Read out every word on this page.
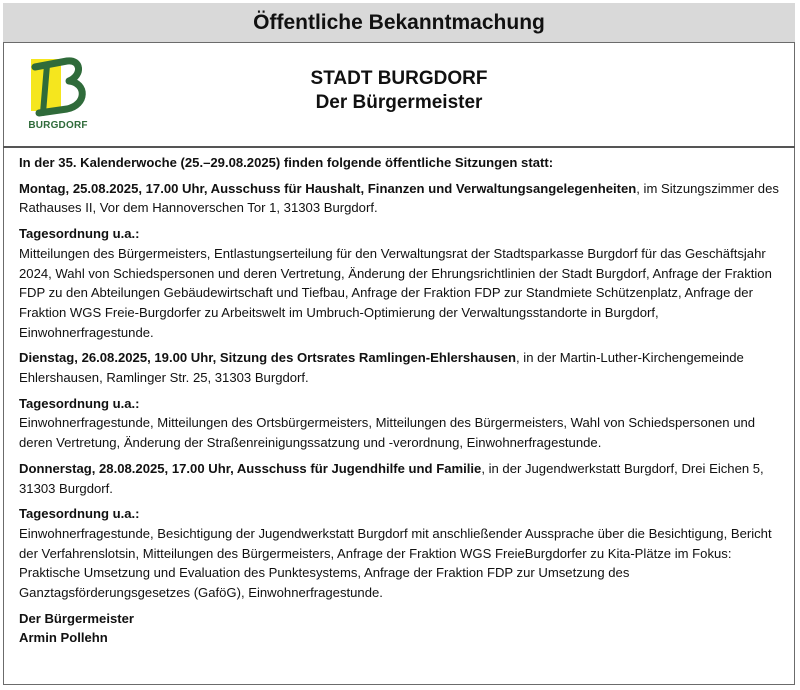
Öffentliche Bekanntmachung
BURGDORF
STADT BURGDORF
Der Bürgermeister
In der 35. Kalenderwoche (25.–29.08.2025) finden folgende öffentliche Sitzungen statt:
Montag, 25.08.2025, 17.00 Uhr, Ausschuss für Haushalt, Finanzen und Verwaltungsangelegenheiten, im Sitzungszimmer des Rathauses II, Vor dem Hannoverschen Tor 1, 31303 Burgdorf.
Tagesordnung u.a.:
Mitteilungen des Bürgermeisters, Entlastungserteilung für den Verwaltungsrat der Stadtsparkasse Burgdorf für das Geschäftsjahr 2024, Wahl von Schiedspersonen und deren Vertretung, Änderung der Ehrungsrichtlinien der Stadt Burgdorf, Anfrage der Fraktion FDP zu den Abteilungen Gebäudewirtschaft und Tiefbau, Anfrage der Fraktion FDP zur Standmiete Schützenplatz, Anfrage der Fraktion WGS Freie-Burgdorfer zu Arbeitswelt im Umbruch-Optimierung der Verwaltungsstandorte in Burgdorf, Einwohnerfragestunde.
Dienstag, 26.08.2025, 19.00 Uhr, Sitzung des Ortsrates Ramlingen-Ehlershausen, in der Martin-Luther-Kirchengemeinde Ehlershausen, Ramlinger Str. 25, 31303 Burgdorf.
Tagesordnung u.a.:
Einwohnerfragestunde, Mitteilungen des Ortsbürgermeisters, Mitteilungen des Bürgermeisters, Wahl von Schiedspersonen und deren Vertretung, Änderung der Straßenreinigungssatzung und -verordnung, Einwohnerfragestunde.
Donnerstag, 28.08.2025, 17.00 Uhr, Ausschuss für Jugendhilfe und Familie, in der Jugendwerkstatt Burgdorf, Drei Eichen 5, 31303 Burgdorf.
Tagesordnung u.a.:
Einwohnerfragestunde, Besichtigung der Jugendwerkstatt Burgdorf mit anschließender Aussprache über die Besichtigung, Bericht der Verfahrenslotsin, Mitteilungen des Bürgermeisters, Anfrage der Fraktion WGS FreieBurgdorfer zu Kita-Plätze im Fokus: Praktische Umsetzung und Evaluation des Punktesystems, Anfrage der Fraktion FDP zur Umsetzung des Ganztagsförderungsgesetzes (GaföG), Einwohnerfragestunde.
Der Bürgermeister
Armin Pollehn
